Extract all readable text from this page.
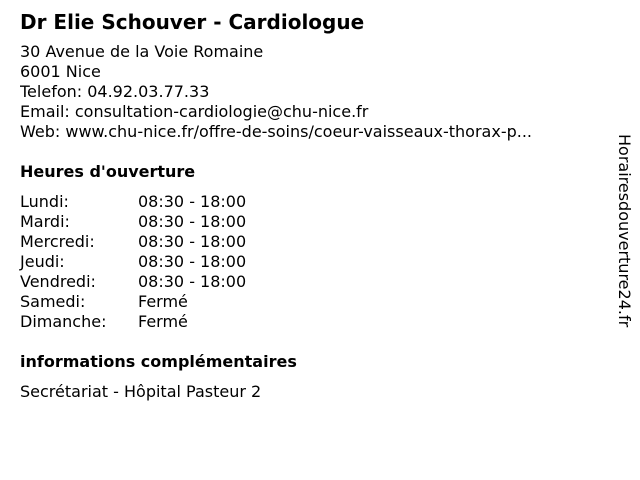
Dr Elie Schouver - Cardiologue
30 Avenue de la Voie Romaine
6001 Nice
Telefon: 04.92.03.77.33
Email: consultation-cardiologie@chu-nice.fr
Web: www.chu-nice.fr/offre-de-soins/coeur-vaisseaux-thorax-p...
Heures d'ouverture
Lundi:	08:30 - 18:00
Mardi:	08:30 - 18:00
Mercredi:	08:30 - 18:00
Jeudi:	08:30 - 18:00
Vendredi:	08:30 - 18:00
Samedi:	Fermé
Dimanche:	Fermé
informations complémentaires
Secrétariat - Hôpital Pasteur 2
Horairesdouverture24.fr
